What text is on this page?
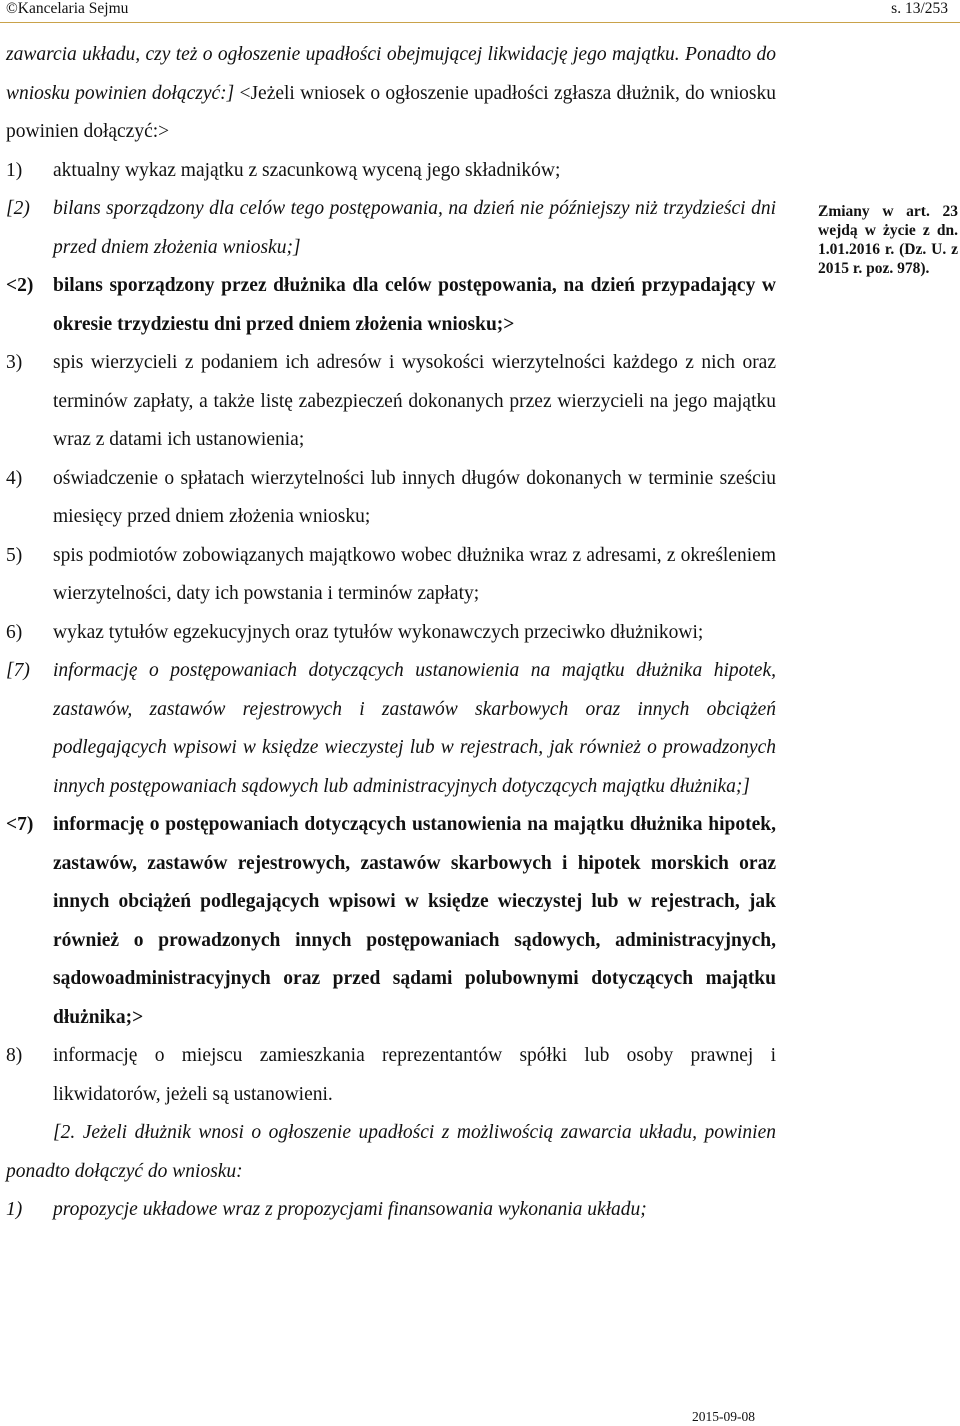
©Kancelaria Sejmu	s. 13/253

zawarcia układu, czy też o ogłoszenie upadłości obejmującej likwidację jego majątku. Ponadto do wniosku powinien dołączyć:] <Jeżeli wniosek o ogłoszenie upadłości zgłasza dłużnik, do wniosku powinien dołączyć:>

1)	aktualny wykaz majątku z szacunkową wyceną jego składników;
[2)	bilans sporządzony dla celów tego postępowania, na dzień nie późniejszy niż trzydzieści dni przed dniem złożenia wniosku;]
<2)	bilans sporządzony przez dłużnika dla celów postępowania, na dzień przypadający w okresie trzydziestu dni przed dniem złożenia wniosku;>
3)	spis wierzycieli z podaniem ich adresów i wysokości wierzytelności każdego z nich oraz terminów zapłaty, a także listę zabezpieczeń dokonanych przez wierzycieli na jego majątku wraz z datami ich ustanowienia;
4)	oświadczenie o spłatach wierzytelności lub innych długów dokonanych w terminie sześciu miesięcy przed dniem złożenia wniosku;
5)	spis podmiotów zobowiązanych majątkowo wobec dłużnika wraz z adresami, z określeniem wierzytelności, daty ich powstania i terminów zapłaty;
6)	wykaz tytułów egzekucyjnych oraz tytułów wykonawczych przeciwko dłużnikowi;
[7)	informację o postępowaniach dotyczących ustanowienia na majątku dłużnika hipotek, zastawów, zastawów rejestrowych i zastawów skarbowych oraz innych obciążeń podlegających wpisowi w księdze wieczystej lub w rejestrach, jak również o prowadzonych innych postępowaniach sądowych lub administracyjnych dotyczących majątku dłużnika;]
<7)	informację o postępowaniach dotyczących ustanowienia na majątku dłużnika hipotek, zastawów, zastawów rejestrowych, zastawów skarbowych i hipotek morskich oraz innych obciążeń podlegających wpisowi w księdze wieczystej lub w rejestrach, jak również o prowadzonych innych postępowaniach sądowych, administracyjnych, sądowoadministracyjnych oraz przed sądami polubownymi dotyczących majątku dłużnika;>
8)	informację o miejscu zamieszkania reprezentantów spółki lub osoby prawnej i likwidatorów, jeżeli są ustanowieni.

[2. Jeżeli dłużnik wnosi o ogłoszenie upadłości z możliwością zawarcia układu, powinien ponadto dołączyć do wniosku:

1)	propozycje układowe wraz z propozycjami finansowania wykonania układu;
Zmiany w art. 23 wejdą w życie z dn. 1.01.2016 r. (Dz. U. z 2015 r. poz. 978).
2015-09-08
